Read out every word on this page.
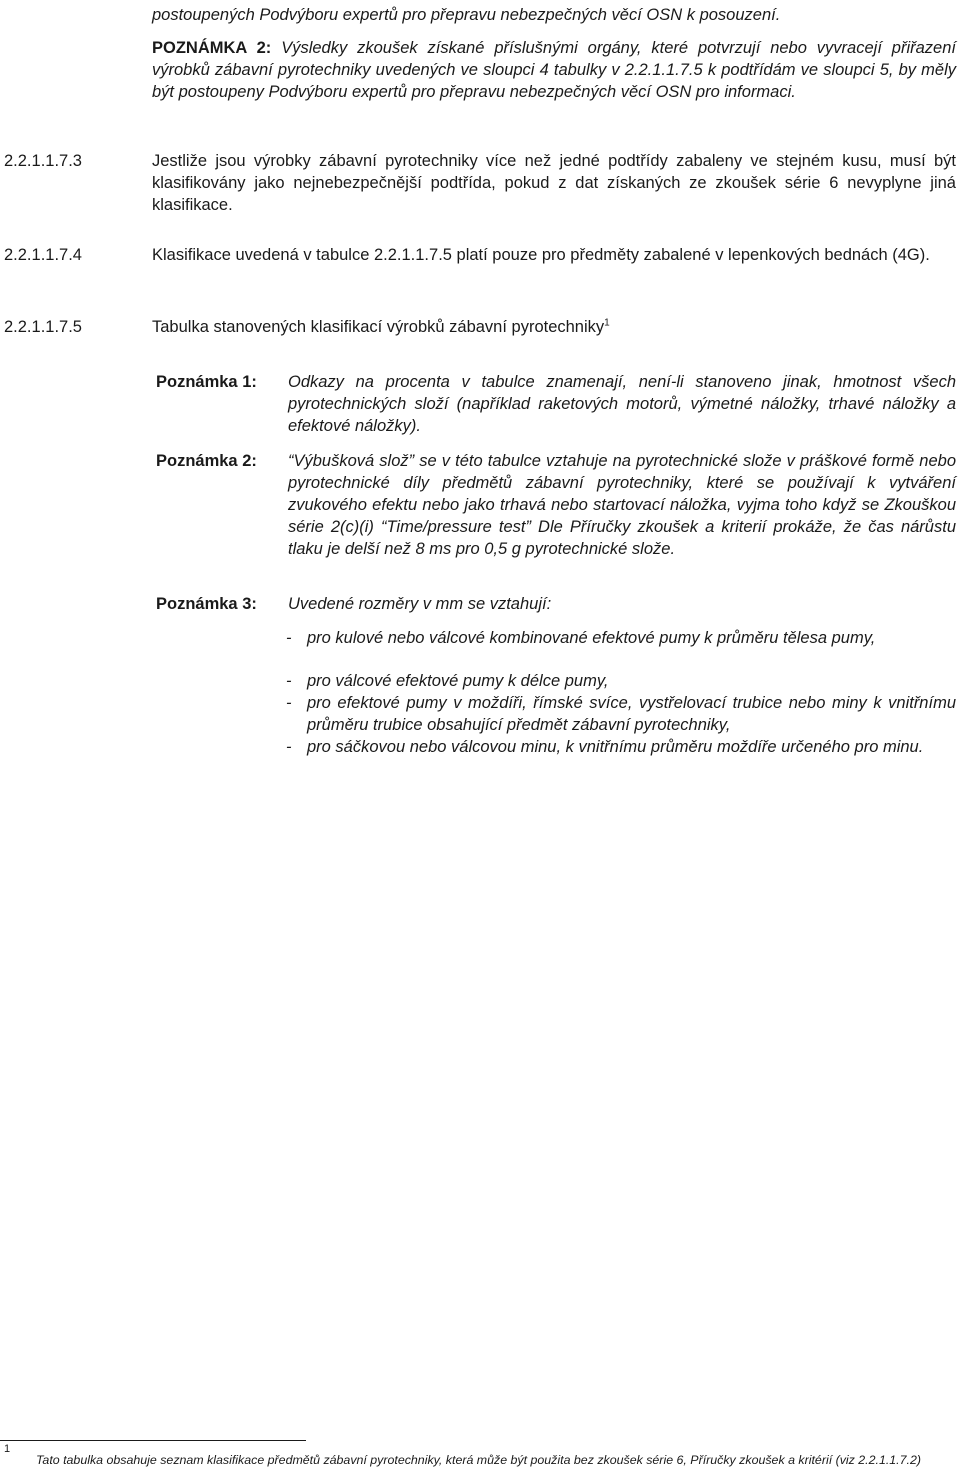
postoupených Podvýboru expertů pro přepravu nebezpečných věcí OSN k posouzení.
POZNÁMKA 2: Výsledky zkoušek získané příslušnými orgány, které potvrzují nebo vyvracejí přiřazení výrobků zábavní pyrotechniky uvedených ve sloupci 4 tabulky v 2.2.1.1.7.5 k podtřídám ve sloupci 5, by měly být postoupeny Podvýboru expertů pro přepravu nebezpečných věcí OSN pro informaci.
2.2.1.1.7.3	Jestliže jsou výrobky zábavní pyrotechniky více než jedné podtřídy zabaleny ve stejném kusu, musí být klasifikovány jako nejnebezpečnější podtřída, pokud z dat získaných ze zkoušek série 6 nevyplyne jiná klasifikace.
2.2.1.1.7.4	Klasifikace uvedená v tabulce 2.2.1.1.7.5 platí pouze pro předměty zabalené v lepenkových bednách (4G).
2.2.1.1.7.5	Tabulka stanovených klasifikací výrobků zábavní pyrotechniky$^1$
Poznámka 1: Odkazy na procenta v tabulce znamenají, není-li stanoveno jinak, hmotnost všech pyrotechnických složí (například raketových motorů, výmetné náložky, trhavé náložky a efektové náložky).
Poznámka 2: “Výbušková slož” se v této tabulce vztahuje na pyrotechnické slože v práškové formě nebo pyrotechnické díly předmětů zábavní pyrotechniky, které se používají k vytváření zvukového efektu nebo jako trhavá nebo startovací náložka, vyjma toho když se Zkouškou série 2(c)(i) “Time/pressure test” Dle Příručky zkoušek a kriterií prokáže, že čas nárůstu tlaku je delší než 8 ms pro 0,5 g pyrotechnické slože.
Poznámka 3: Uvedené rozměry v mm se vztahují:
- pro kulové nebo válcové kombinované efektové pumy k průměru tělesa pumy,
- pro válcové efektové pumy k délce pumy,
- pro efektové pumy v moždíři, římské svíce, vystřelovací trubice nebo miny k vnitřnímu průměru trubice obsahující předmět zábavní pyrotechniky,
- pro sáčkovou nebo válcovou minu, k vnitřnímu průměru moždíře určeného pro minu.
1
Tato tabulka obsahuje seznam klasifikace předmětů zábavní pyrotechniky, která může být použita bez zkoušek série 6, Příručky zkoušek a kritérií (viz 2.2.1.1.7.2)
